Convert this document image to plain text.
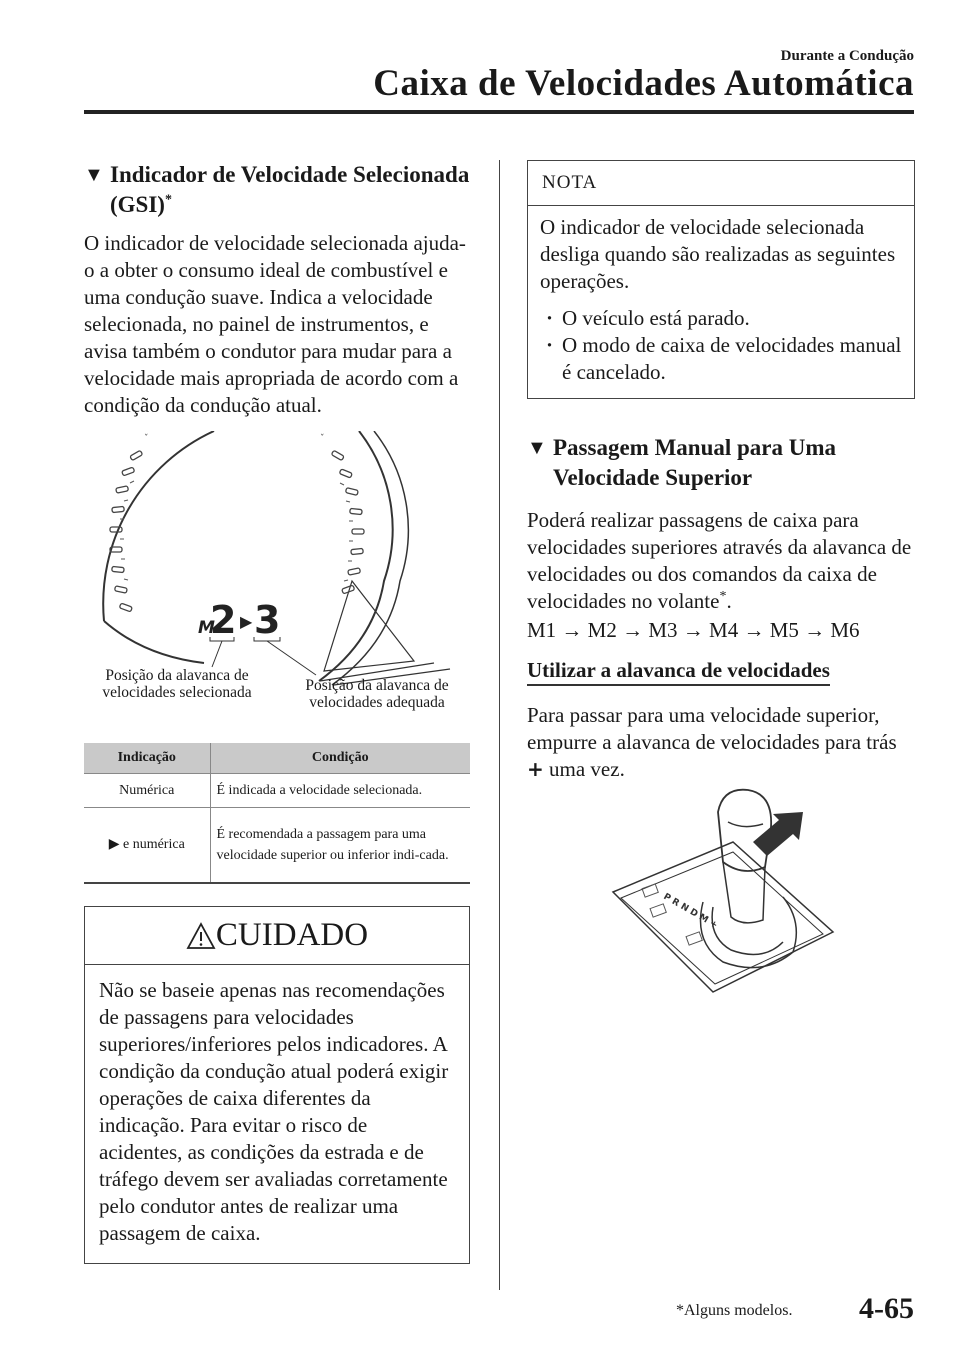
Durante a Condução
Caixa de Velocidades Automática
▼ Indicador de Velocidade Selecionada
(GSI)*

O indicador de velocidade selecionada ajuda-o a obter o consumo ideal de combustível e uma condução suave. Indica a velocidade selecionada, no painel de instrumentos, e avisa também o condutor para mudar para a velocidade mais apropriada de acordo com a condição da condução atual.

ˇ	ˇ
M
2 ▶ 3
Posição da alavanca de
velocidades selecionada	Posição da alavanca de
velocidades adequada
Indicação	Condição
Numérica	É indicada a velocidade selecionada.
▶ e numérica	É recomendada a passagem para uma velocidade superior ou inferior indi-cada.
CUIDADO
Não se baseie apenas nas recomendações de passagens para velocidades superiores/inferiores pelos indicadores. A condição da condução atual poderá exigir operações de caixa diferentes da indicação. Para evitar o risco de acidentes, as condições da estrada e de tráfego devem ser avaliadas corretamente pelo condutor antes de realizar uma passagem de caixa.
NOTA

O indicador de velocidade selecionada desliga quando são realizadas as seguintes operações.

· O veículo está parado.
· O modo de caixa de velocidades manual é cancelado.
▼ Passagem Manual para Uma
Velocidade Superior

Poderá realizar passagens de caixa para velocidades superiores através da alavanca de velocidades ou dos comandos da caixa de velocidades no volante*.

M1 → M2 → M3 → M4 → M5 → M6

Utilizar a alavanca de velocidades

Para passar para uma velocidade superior, empurre a alavanca de velocidades para trás + uma vez.

P R N D M +
*Alguns modelos. 4-65
